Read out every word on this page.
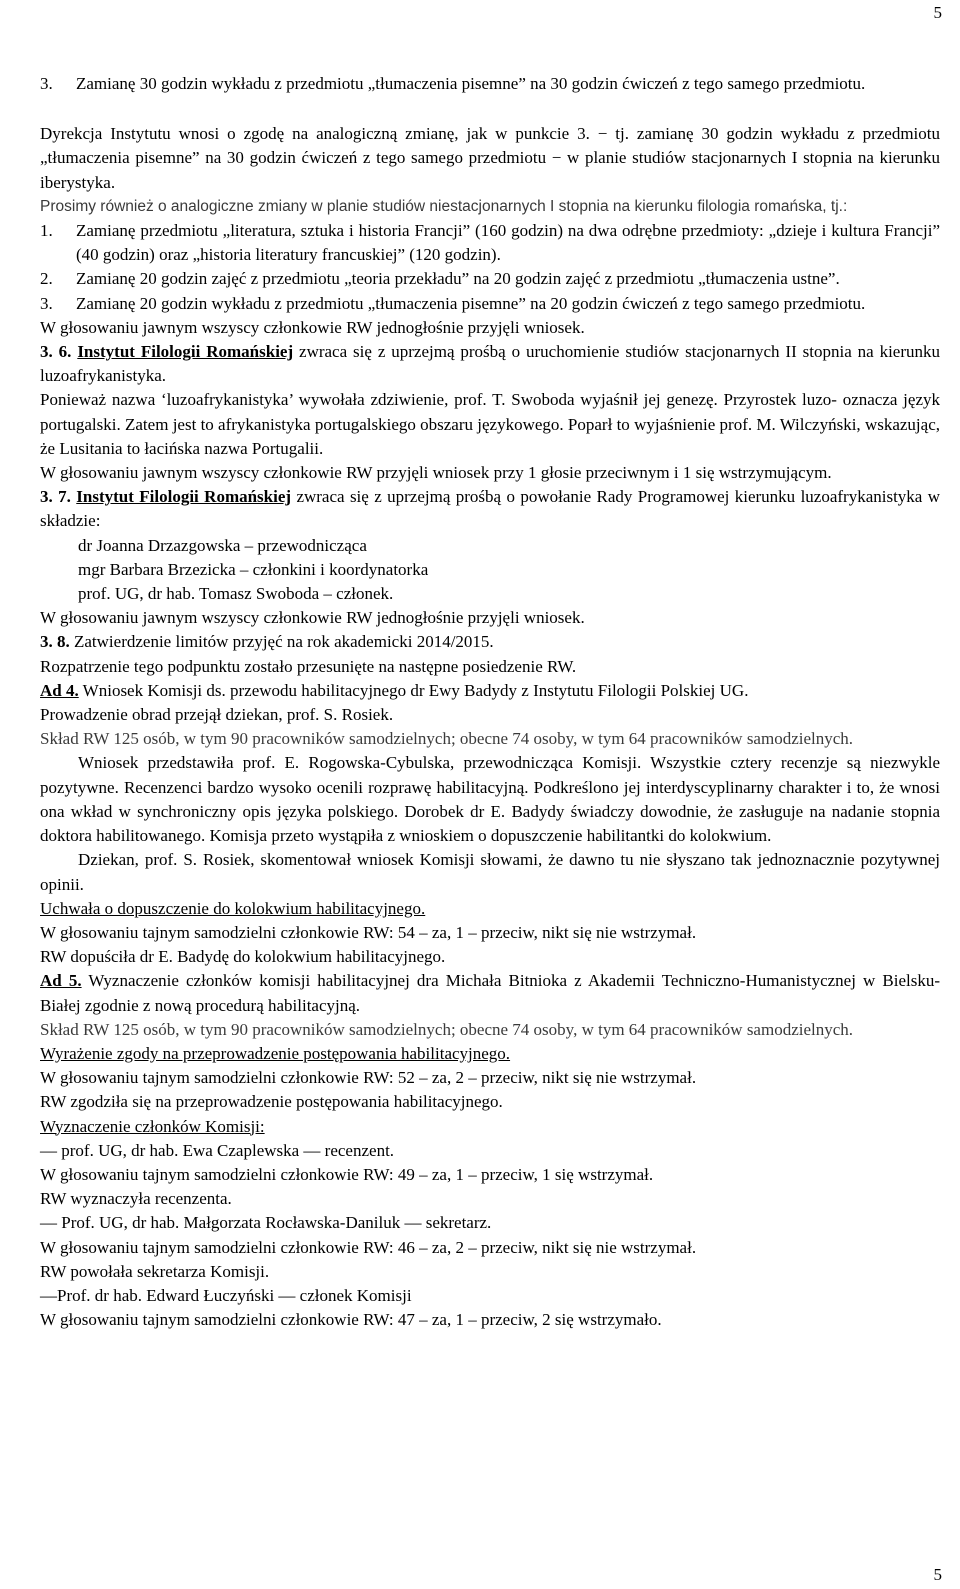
5
3.	Zamianę 30 godzin wykładu z przedmiotu „tłumaczenia pisemne” na 30 godzin ćwiczeń z tego samego przedmiotu.

Dyrekcja Instytutu wnosi o zgodę na analogiczną zmianę, jak w punkcie 3. − tj. zamianę 30 godzin wykładu z przedmiotu „tłumaczenia pisemne” na 30 godzin ćwiczeń z tego samego przedmiotu − w planie studiów stacjonarnych I stopnia na kierunku iberystyka.

Prosimy również o analogiczne zmiany w planie studiów niestacjonarnych I stopnia na kierunku filologia romańska, tj.:

1.	Zamianę przedmiotu „literatura, sztuka i historia Francji” (160 godzin) na dwa odrębne przedmioty: „dzieje i kultura Francji” (40 godzin) oraz „historia literatury francuskiej” (120 godzin).
2.	Zamianę 20 godzin zajęć z przedmiotu „teoria przekładu” na 20 godzin zajęć z przedmiotu „tłumaczenia ustne”.
3.	Zamianę 20 godzin wykładu z przedmiotu „tłumaczenia pisemne” na 20 godzin ćwiczeń z tego samego przedmiotu.

W głosowaniu jawnym wszyscy członkowie RW jednogłośnie przyjęli wniosek.

3. 6. Instytut Filologii Romańskiej zwraca się z uprzejmą prośbą o uruchomienie studiów stacjonarnych II stopnia na kierunku luzoafrykanistyka.

Ponieważ nazwa ‘luzoafrykanistyka’ wywołała zdziwienie, prof. T. Swoboda wyjaśnił jej genezę. Przyrostek luzo- oznacza język portugalski. Zatem jest to afrykanistyka portugalskiego obszaru językowego. Poparł to wyjaśnienie prof. M. Wilczyński, wskazując, że Lusitania to łacińska nazwa Portugalii.

W głosowaniu jawnym wszyscy członkowie RW przyjęli wniosek przy 1 głosie przeciwnym i 1 się wstrzymującym.

3. 7. Instytut Filologii Romańskiej zwraca się z uprzejmą prośbą o powołanie Rady Programowej kierunku luzoafrykanistyka w składzie:

dr Joanna Drzazgowska – przewodnicząca
mgr Barbara Brzezicka – członkini i koordynatorka
prof. UG, dr hab. Tomasz Swoboda – członek.

W głosowaniu jawnym wszyscy członkowie RW jednogłośnie przyjęli wniosek.

3. 8. Zatwierdzenie limitów przyjęć na rok akademicki 2014/2015.

Rozpatrzenie tego podpunktu zostało przesunięte na następne posiedzenie RW.

Ad 4. Wniosek Komisji ds. przewodu habilitacyjnego dr Ewy Badydy z Instytutu Filologii Polskiej UG.

Prowadzenie obrad przejął dziekan, prof. S. Rosiek.

Skład RW 125 osób, w tym 90 pracowników samodzielnych; obecne 74 osoby, w tym 64 pracowników samodzielnych.

Wniosek przedstawiła prof. E. Rogowska-Cybulska, przewodnicząca Komisji. Wszystkie cztery recenzje są niezwykle pozytywne. Recenzenci bardzo wysoko ocenili rozprawę habilitacyjną. Podkreślono jej interdyscyplinarny charakter i to, że wnosi ona wkład w synchroniczny opis języka polskiego. Dorobek dr E. Badydy świadczy dowodnie, że zasługuje na nadanie stopnia doktora habilitowanego. Komisja przeto wystąpiła z wnioskiem o dopuszczenie habilitantki do kolokwium.

Dziekan, prof. S. Rosiek, skomentował wniosek Komisji słowami, że dawno tu nie słyszano tak jednoznacznie pozytywnej opinii.

Uchwała o dopuszczenie do kolokwium habilitacyjnego.

W głosowaniu tajnym samodzielni członkowie RW: 54 – za, 1 – przeciw, nikt się nie wstrzymał.

RW dopuściła dr E. Badydę do kolokwium habilitacyjnego.

Ad 5. Wyznaczenie członków komisji habilitacyjnej dra Michała Bitnioka z Akademii Techniczno-Humanistycznej w Bielsku-Białej zgodnie z nową procedurą habilitacyjną.

Skład RW 125 osób, w tym 90 pracowników samodzielnych; obecne 74 osoby, w tym 64 pracowników samodzielnych.

Wyrażenie zgody na przeprowadzenie postępowania habilitacyjnego.

W głosowaniu tajnym samodzielni członkowie RW: 52 – za, 2 – przeciw, nikt się nie wstrzymał.

RW zgodziła się na przeprowadzenie postępowania habilitacyjnego.

Wyznaczenie członków Komisji:

― prof. UG, dr hab. Ewa Czaplewska ― recenzent.

W głosowaniu tajnym samodzielni członkowie RW: 49 – za, 1 – przeciw, 1 się wstrzymał.

RW wyznaczyła recenzenta.

― Prof. UG, dr hab. Małgorzata Rocławska-Daniluk ― sekretarz.

W głosowaniu tajnym samodzielni członkowie RW: 46 – za, 2 – przeciw, nikt się nie wstrzymał.

RW powołała sekretarza Komisji.

―Prof. dr hab. Edward Łuczyński ― członek Komisji

W głosowaniu tajnym samodzielni członkowie RW: 47 – za, 1 – przeciw, 2 się wstrzymało.

5
